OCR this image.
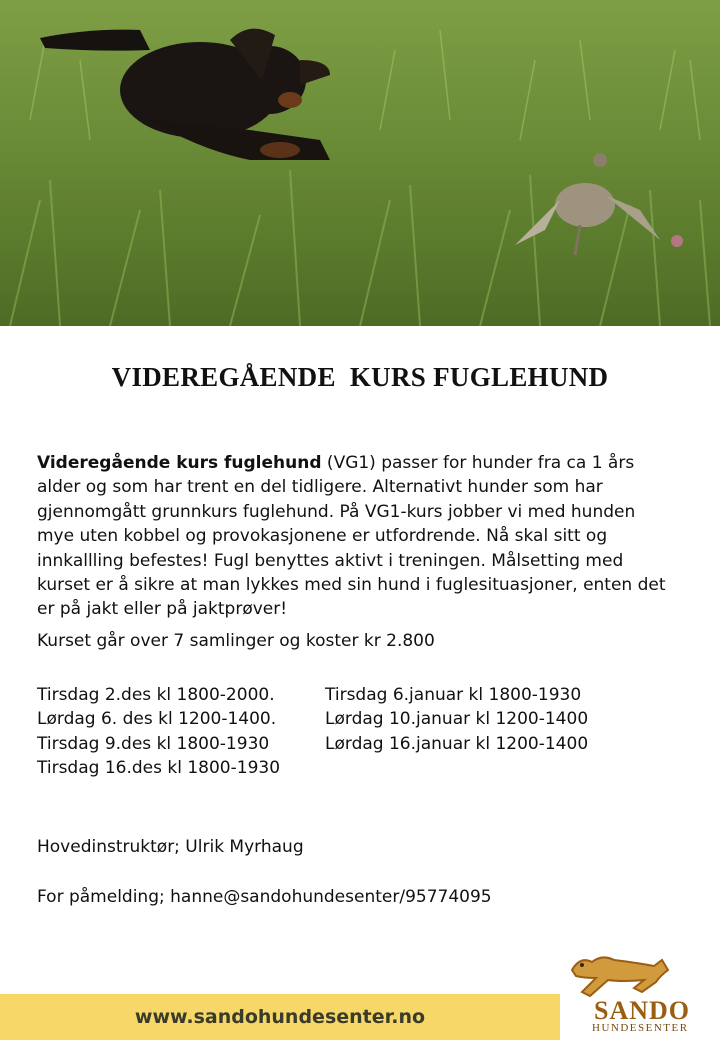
VIDEREGÅENDE  KURS FUGLEHUND

Videregående kurs fuglehund (VG1) passer for hunder fra ca 1 års alder og som har trent en del tidligere. Alternativt hunder som har gjennomgått grunnkurs fuglehund. På VG1-kurs jobber vi med hunden mye uten kobbel og provokasjonene er utfordrende. Nå skal sitt og innkallling befestes! Fugl benyttes aktivt i treningen. Målsetting med kurset er å sikre at man lykkes med sin hund i fuglesituasjoner, enten det er på jakt eller på jaktprøver!

Kurset går over 7 samlinger og koster kr 2.800
Tirsdag 2.des kl 1800-2000.
Lørdag 6. des kl 1200-1400.
Tirsdag 9.des kl 1800-1930
Tirsdag 16.des kl 1800-1930
Tirsdag 6.januar kl 1800-1930
Lørdag 10.januar kl 1200-1400
Lørdag 16.januar kl 1200-1400
Hovedinstruktør; Ulrik Myrhaug
For påmelding; hanne@sandohundesenter/95774095
www.sandohundesenter.no	SANDO
HUNDESENTER
